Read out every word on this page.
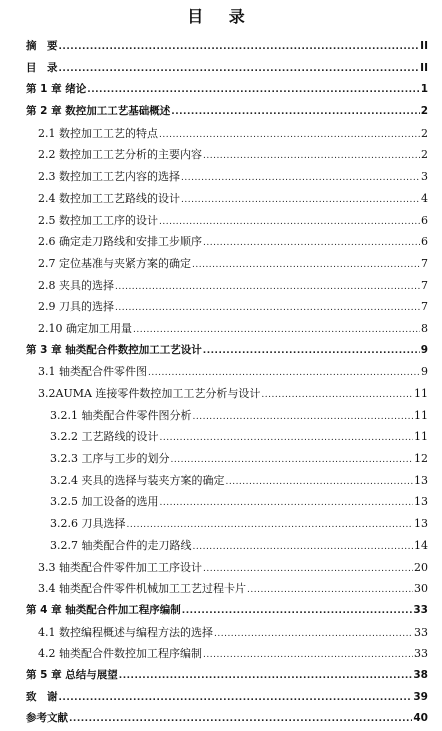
目 录
摘　要 .....	II
目　录 .....	II
第 1 章 绪论 .....	1
第 2 章 数控加工工艺基础概述 .....	2
2.1 数控加工工艺的特点 .....	2
2.2 数控加工工艺分析的主要内容 .....	2
2.3 数控加工工艺内容的选择 .....	3
2.4 数控加工工艺路线的设计 .....	4
2.5 数控加工工序的设计 .....	6
2.6 确定走刀路线和安排工步顺序 .....	6
2.7 定位基准与夹紧方案的确定 .....	7
2.8 夹具的选择 .....	7
2.9 刀具的选择 .....	7
2.10 确定加工用量 .....	8
第 3 章 轴类配合件数控加工工艺设计 .....	9
3.1 轴类配合件零件图 .....	9
3.2AUMA 连接零件数控加工工艺分析与设计 .....	11
3.2.1 轴类配合件零件图分析 .....	11
3.2.2 工艺路线的设计 .....	11
3.2.3 工序与工步的划分 .....	12
3.2.4 夹具的选择与装夹方案的确定 .....	13
3.2.5 加工设备的选用 .....	13
3.2.6 刀具选择 .....	13
3.2.7 轴类配合件的走刀路线 .....	14
3.3 轴类配合件零件加工工序设计 .....	20
3.4 轴类配合件零件机械加工工艺过程卡片 .....	30
第 4 章 轴类配合件加工程序编制 .....	33
4.1 数控编程概述与编程方法的选择 .....	33
4.2 轴类配合件数控加工程序编制 .....	33
第 5 章 总结与展望 .....	38
致　谢 .....	39
参考文献 .....	40
